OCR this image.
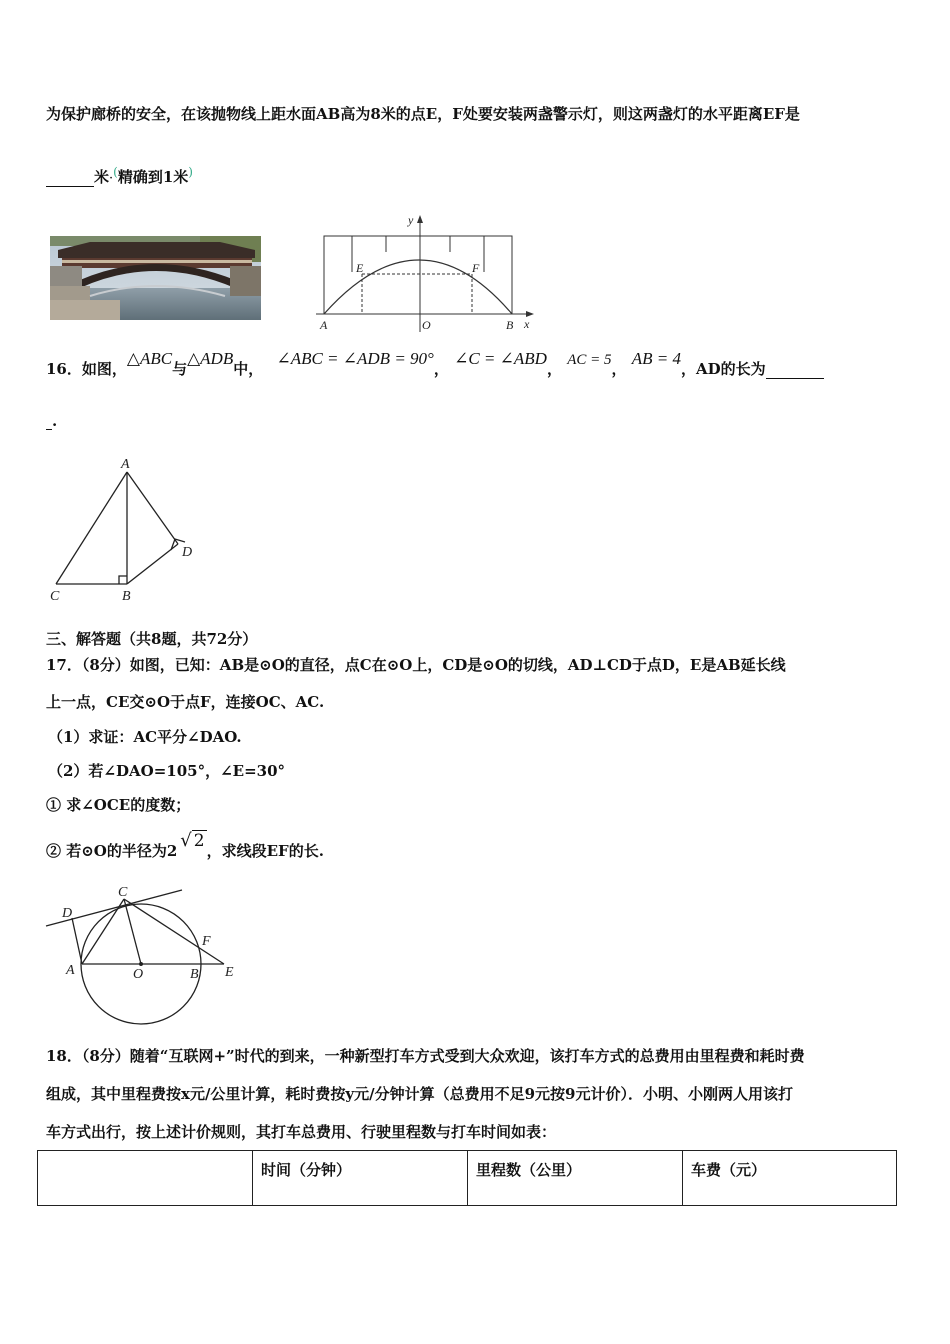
为保护廊桥的安全，在该抛物线上距水面AB高为8米的点E，F处要安装两盏警示灯，则这两盏灯的水平距离EF是
米·(精确到1米)
y
x
E	F
A	O	B
16．如图，△ABC与△ADB中， ∠ABC = ∠ADB = 90°， ∠C = ∠ABD， AC = 5， AB = 4，AD的长为
.
A
C	B
D
三、解答题（共8题，共72分）
17．（8分）如图，已知：AB是⊙O的直径，点C在⊙O上，CD是⊙O的切线，AD⊥CD于点D，E是AB延长线
上一点，CE交⊙O于点F，连接OC、AC.
（1）求证：AC平分∠DAO.
（2）若∠DAO=105°，∠E=30°
① 求∠OCE的度数；
② 若⊙O的半径为2 √ 2 ，求线段EF的长.
C
D
F
A	O	B E
18．（8分）随着“互联网+”时代的到来，一种新型打车方式受到大众欢迎，该打车方式的总费用由里程费和耗时费
组成，其中里程费按x元/公里计算，耗时费按y元/分钟计算（总费用不足9元按9元计价）．小明、小刚两人用该打
车方式出行，按上述计价规则，其打车总费用、行驶里程数与打车时间如表：
	时间（分钟）	里程数（公里）	车费（元）
